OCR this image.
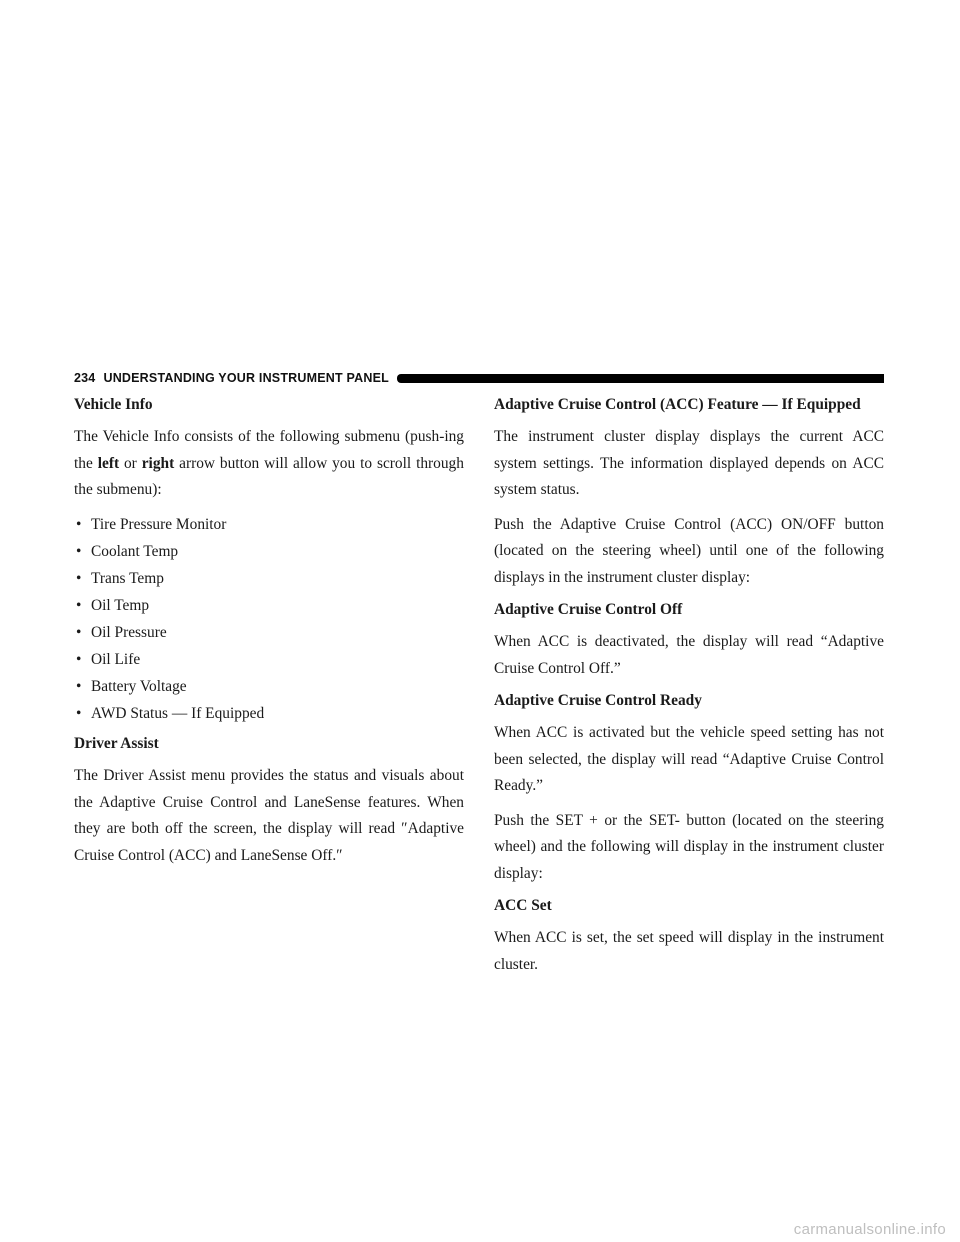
234 UNDERSTANDING YOUR INSTRUMENT PANEL
Vehicle Info

The Vehicle Info consists of the following submenu (push-ing the left or right arrow button will allow you to scroll through the submenu):

• Tire Pressure Monitor
• Coolant Temp
• Trans Temp
• Oil Temp
• Oil Pressure
• Oil Life
• Battery Voltage
• AWD Status — If Equipped
Driver Assist

The Driver Assist menu provides the status and visuals about the Adaptive Cruise Control and LaneSense features. When they are both off the screen, the display will read ″Adaptive Cruise Control (ACC) and LaneSense Off.″

Adaptive Cruise Control (ACC) Feature — If Equipped

The instrument cluster display displays the current ACC system settings. The information displayed depends on ACC system status.

Push the Adaptive Cruise Control (ACC) ON/OFF button (located on the steering wheel) until one of the following displays in the instrument cluster display:

Adaptive Cruise Control Off

When ACC is deactivated, the display will read “Adaptive Cruise Control Off.”

Adaptive Cruise Control Ready

When ACC is activated but the vehicle speed setting has not been selected, the display will read “Adaptive Cruise Control Ready.”

Push the SET + or the SET- button (located on the steering wheel) and the following will display in the instrument cluster display:

ACC Set

When ACC is set, the set speed will display in the instrument cluster.

carmanualsonline.info
